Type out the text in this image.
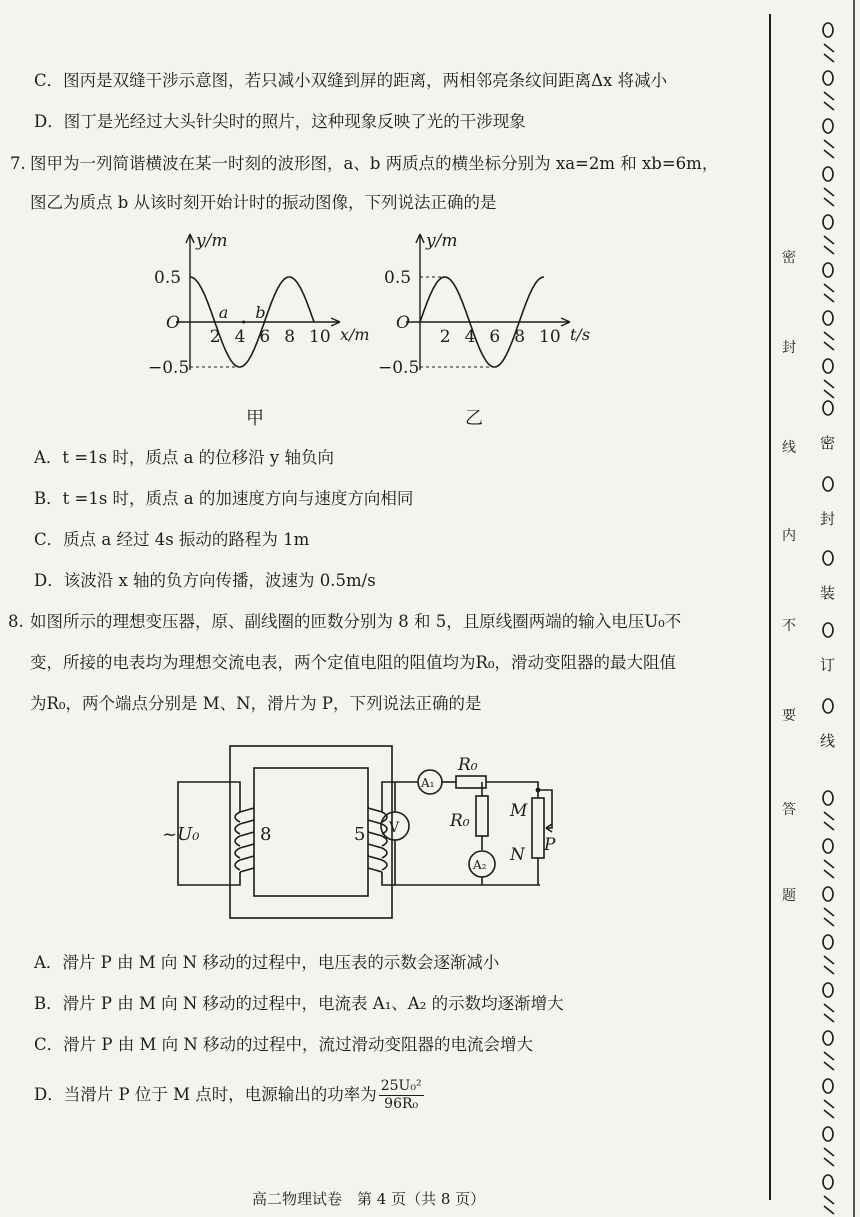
C．图丙是双缝干涉示意图，若只减小双缝到屏的距离，两相邻亮条纹间距离Δx 将减小
D．图丁是光经过大头针尖时的照片，这种现象反映了光的干涉现象
7. 图甲为一列简谐横波在某一时刻的波形图，a、b 两质点的横坐标分别为 xa=2m 和 xb=6m，
图乙为质点 b 从该时刻开始计时的振动图像，下列说法正确的是
y/m
x/m
O
0.5
−0.5
2 4 6 8 10
a b
y/m
t/s
O
0.5
−0.5
2 4 6 8 10
甲	乙
A．t =1s 时，质点 a 的位移沿 y 轴负向
B．t =1s 时，质点 a 的加速度方向与速度方向相同
C．质点 a 经过 4s 振动的路程为 1m
D．该波沿 x 轴的负方向传播，波速为 0.5m/s
8. 如图所示的理想变压器，原、副线圈的匝数分别为 8 和 5，且原线圈两端的输入电压U₀不
变，所接的电表均为理想交流电表，两个定值电阻的阻值均为R₀，滑动变阻器的最大阻值
为R₀，两个端点分别是 M、N，滑片为 P，下列说法正确的是
~U₀	8	5 V
A₁
A₂
R₀
R₀ M
N P
A．滑片 P 由 M 向 N 移动的过程中，电压表的示数会逐渐减小
B．滑片 P 由 M 向 N 移动的过程中，电流表 A₁、A₂ 的示数均逐渐增大
C．滑片 P 由 M 向 N 移动的过程中，流过滑动变阻器的电流会增大
D．当滑片 P 位于 M 点时，电源输出的功率为 $\frac{\text{25U₀²}}{\text{96R₀}}$
高二物理试卷　第 4 页（共 8 页）
密
封
装
订
线
密
封
线
内
不
要
答
题
